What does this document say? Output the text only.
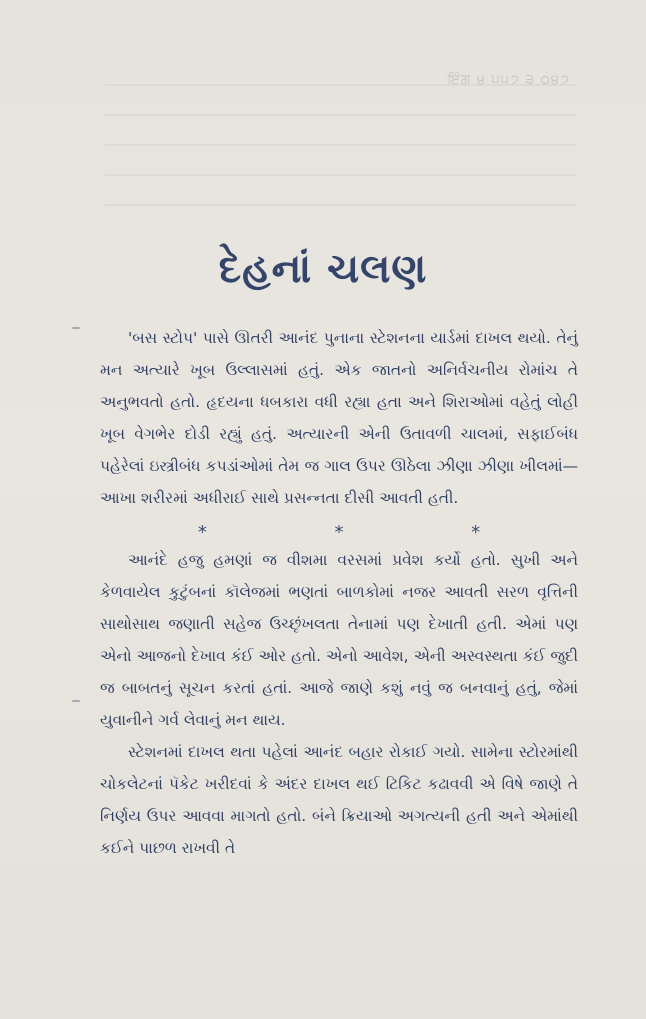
ਇੰਗ ੪ ੫੫੭ ੩ ੦੪੭
દેહનાં ચલણ

'બસ સ્ટોપ' પાસે ઊતરી આનંદ પુનાના સ્ટેશનના યાર્ડમાં દાખલ થયો. તેનું મન અત્યારે ખૂબ ઉલ્લાસમાં હતું. એક જાતનો અનિર્વચનીય રોમાંચ તે અનુભવતો હતો. હૃદયના ધબકારા વધી રહ્યા હતા અને શિરાઓમાં વહેતું લોહી ખૂબ વેગભેર દોડી રહ્યું હતું. અત્યારની એની ઉતાવળી ચાલમાં, સફાઈબંધ પહેરેલાં ઇસ્ત્રીબંધ કપડાંઓમાં તેમ જ ગાલ ઉપર ઊઠેલા ઝીણા ઝીણા ખીલમાં—આખા શરીરમાં અધીરાઈ સાથે પ્રસન્નતા દીસી આવતી હતી.

*	*	*

આનંદે હજુ હમણાં જ વીશમા વરસમાં પ્રવેશ કર્યો હતો. સુખી અને કેળવાયેલ કુટુંબનાં કૉલેજમાં ભણતાં બાળકોમાં નજર આવતી સરળ વૃત્તિની સાથોસાથ જણાતી સહેજ ઉચ્છૃંખલતા તેનામાં પણ દેખાતી હતી. એમાં પણ એનો આજનો દેખાવ કંઈ ઓર હતો. એનો આવેશ, એની અસ્વસ્થતા કંઈ જુદી જ બાબતનું સૂચન કરતાં હતાં. આજે જાણે કશું નવું જ બનવાનું હતું, જેમાં યુવાનીને ગર્વ લેવાનું મન થાય.

સ્ટેશનમાં દાખલ થતા પહેલાં આનંદ બહાર રોકાઈ ગયો. સામેના સ્ટોરમાંથી ચોકલેટનાં પૅકેટ ખરીદવાં કે અંદર દાખલ થઈ ટિકિટ કઢાવવી એ વિષે જાણે તે નિર્ણય ઉપર આવવા માગતો હતો. બંને ક્રિયાઓ અગત્યની હતી અને એમાંથી કઈને પાછળ રાખવી તે
